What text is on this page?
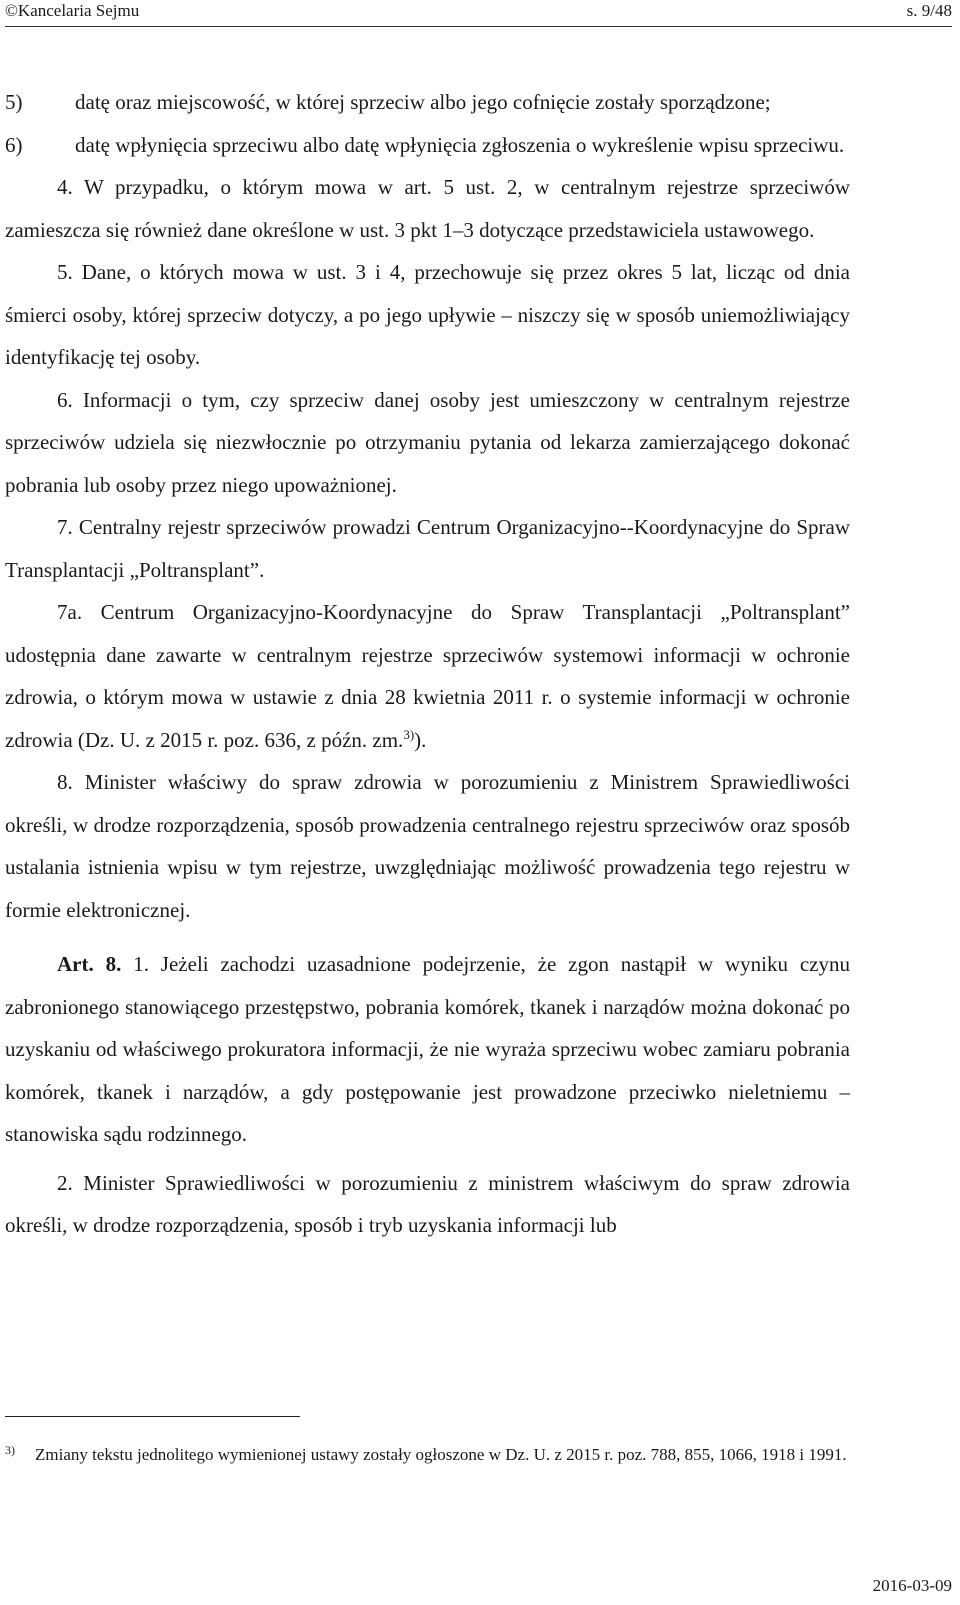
©Kancelaria Sejmu	s. 9/48

5)	datę oraz miejscowość, w której sprzeciw albo jego cofnięcie zostały sporządzone;

6)	datę wpłynięcia sprzeciwu albo datę wpłynięcia zgłoszenia o wykreślenie wpisu sprzeciwu.

4. W przypadku, o którym mowa w art. 5 ust. 2, w centralnym rejestrze sprzeciwów zamieszcza się również dane określone w ust. 3 pkt 1–3 dotyczące przedstawiciela ustawowego.

5. Dane, o których mowa w ust. 3 i 4, przechowuje się przez okres 5 lat, licząc od dnia śmierci osoby, której sprzeciw dotyczy, a po jego upływie – niszczy się w sposób uniemożliwiający identyfikację tej osoby.

6. Informacji o tym, czy sprzeciw danej osoby jest umieszczony w centralnym rejestrze sprzeciwów udziela się niezwłocznie po otrzymaniu pytania od lekarza zamierzającego dokonać pobrania lub osoby przez niego upoważnionej.

7. Centralny rejestr sprzeciwów prowadzi Centrum Organizacyjno-​-Koordynacyjne do Spraw Transplantacji „Poltransplant”.

7a. Centrum Organizacyjno-Koordynacyjne do Spraw Transplantacji „Poltransplant” udostępnia dane zawarte w centralnym rejestrze sprzeciwów systemowi informacji w ochronie zdrowia, o którym mowa w ustawie z dnia 28 kwietnia 2011 r. o systemie informacji w ochronie zdrowia (Dz. U. z 2015 r. poz. 636, z późn. zm.$^{3)}$).

8. Minister właściwy do spraw zdrowia w porozumieniu z Ministrem Sprawiedliwości określi, w drodze rozporządzenia, sposób prowadzenia centralnego rejestru sprzeciwów oraz sposób ustalania istnienia wpisu w tym rejestrze, uwzględniając możliwość prowadzenia tego rejestru w formie elektronicznej.

Art. 8. 1. Jeżeli zachodzi uzasadnione podejrzenie, że zgon nastąpił w wyniku czynu zabronionego stanowiącego przestępstwo, pobrania komórek, tkanek i narządów można dokonać po uzyskaniu od właściwego prokuratora informacji, że nie wyraża sprzeciwu wobec zamiaru pobrania komórek, tkanek i narządów, a gdy postępowanie jest prowadzone przeciwko nieletniemu – stanowiska sądu rodzinnego.

2. Minister Sprawiedliwości w porozumieniu z ministrem właściwym do spraw zdrowia określi, w drodze rozporządzenia, sposób i tryb uzyskania informacji lub

3) Zmiany tekstu jednolitego wymienionej ustawy zostały ogłoszone w Dz. U. z 2015 r. poz. 788, 855, 1066, 1918 i 1991.
2016-03-09
